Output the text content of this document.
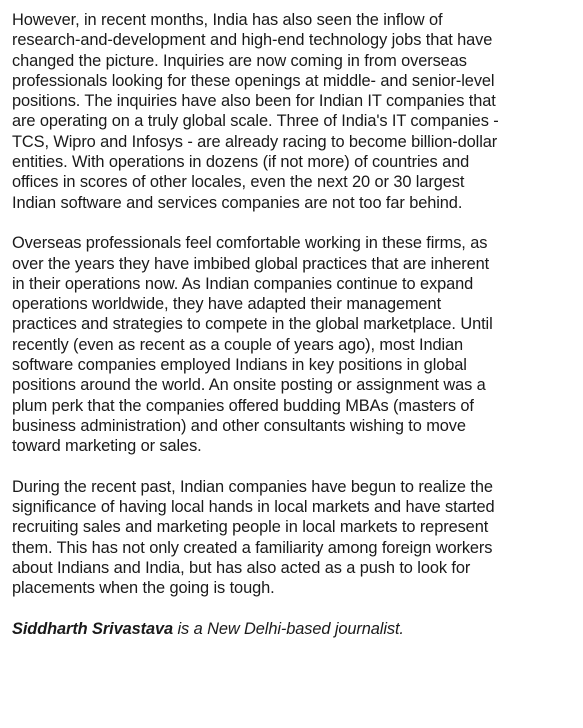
However, in recent months, India has also seen the inflow of
research-and-development and high-end technology jobs that have
changed the picture. Inquiries are now coming in from overseas
professionals looking for these openings at middle- and senior-level
positions. The inquiries have also been for Indian IT companies that
are operating on a truly global scale. Three of India's IT companies -
TCS, Wipro and Infosys - are already racing to become billion-dollar
entities. With operations in dozens (if not more) of countries and
offices in scores of other locales, even the next 20 or 30 largest
Indian software and services companies are not too far behind.

Overseas professionals feel comfortable working in these firms, as
over the years they have imbibed global practices that are inherent
in their operations now. As Indian companies continue to expand
operations worldwide, they have adapted their management
practices and strategies to compete in the global marketplace. Until
recently (even as recent as a couple of years ago), most Indian
software companies employed Indians in key positions in global
positions around the world. An onsite posting or assignment was a
plum perk that the companies offered budding MBAs (masters of
business administration) and other consultants wishing to move
toward marketing or sales.

During the recent past, Indian companies have begun to realize the
significance of having local hands in local markets and have started
recruiting sales and marketing people in local markets to represent
them. This has not only created a familiarity among foreign workers
about Indians and India, but has also acted as a push to look for
placements when the going is tough.

Siddharth Srivastava is a New Delhi-based journalist.
